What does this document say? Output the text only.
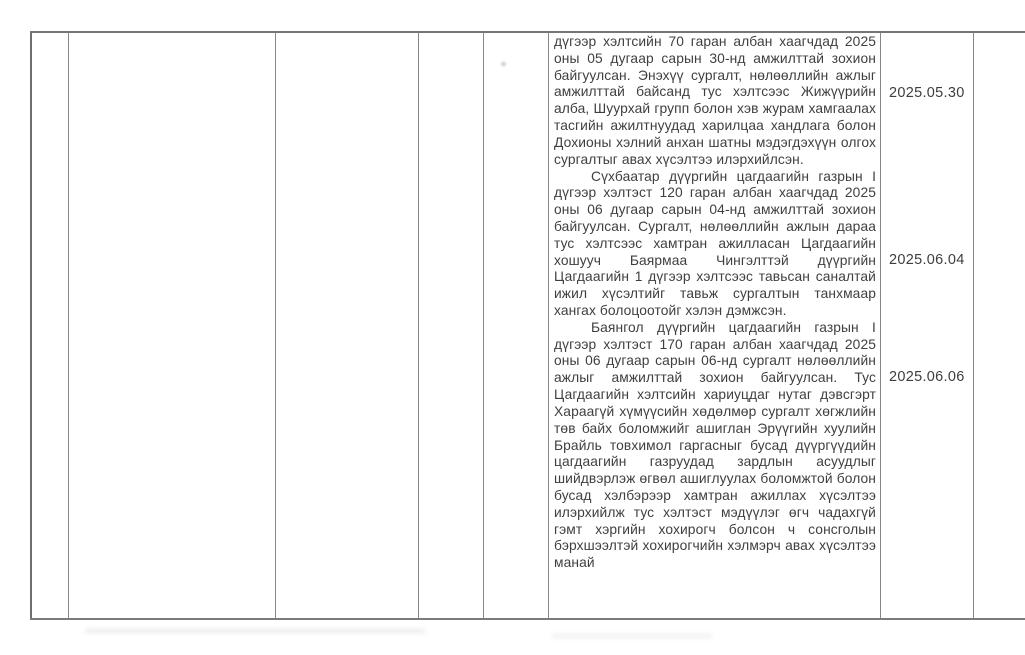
дүгээр хэлтсийн 70 гаран албан хаагчдад 2025 оны 05 дугаар сарын 30-нд амжилттай зохион байгуулсан. Энэхүү сургалт, нөлөөллийн ажлыг амжилттай байсанд тус хэлтсээс Жижүүрийн алба, Шуурхай групп болон хэв журам хамгаалах тасгийн ажилтнуудад харилцаа хандлага болон Дохионы хэлний анхан шатны мэдэгдэхүүн олгох сургалтыг авах хүсэлтээ илэрхийлсэн.

Сүхбаатар дүүргийн цагдаагийн газрын I дүгээр хэлтэст 120 гаран албан хаагчдад 2025 оны 06 дугаар сарын 04-нд амжилттай зохион байгуулсан. Сургалт, нөлөөллийн ажлын дараа тус хэлтсээс хамтран ажилласан Цагдаагийн хошууч Баярмаа Чингэлттэй дүүргийн Цагдаагийн 1 дүгээр хэлтсээс тавьсан саналтай ижил хүсэлтийг тавьж сургалтын танхмаар хангах болоцоотойг хэлэн дэмжсэн.

Баянгол дүүргийн цагдаагийн газрын I дүгээр хэлтэст 170 гаран албан хаагчдад 2025 оны 06 дугаар сарын 06-нд сургалт нөлөөллийн ажлыг амжилттай зохион байгуулсан. Тус Цагдаагийн хэлтсийн хариуцдаг нутаг дэвсгэрт Хараагүй хүмүүсийн хөдөлмөр сургалт хөгжлийн төв байх боломжийг ашиглан Эрүүгийн хуулийн Брайль товхимол гаргасныг бусад дүүргүүдийн цагдаагийн газруудад зардлын асуудлыг шийдвэрлэж өгвөл ашиглуулах боломжтой болон бусад хэлбэрээр хамтран ажиллах хүсэлтээ илэрхийлж тус хэлтэст мэдүүлэг өгч чадахгүй гэмт хэргийн хохирогч болсон ч сонсголын бэрхшээлтэй хохирогчийн хэлмэрч авах хүсэлтээ манай

2025.05.30
2025.06.04
2025.06.06
